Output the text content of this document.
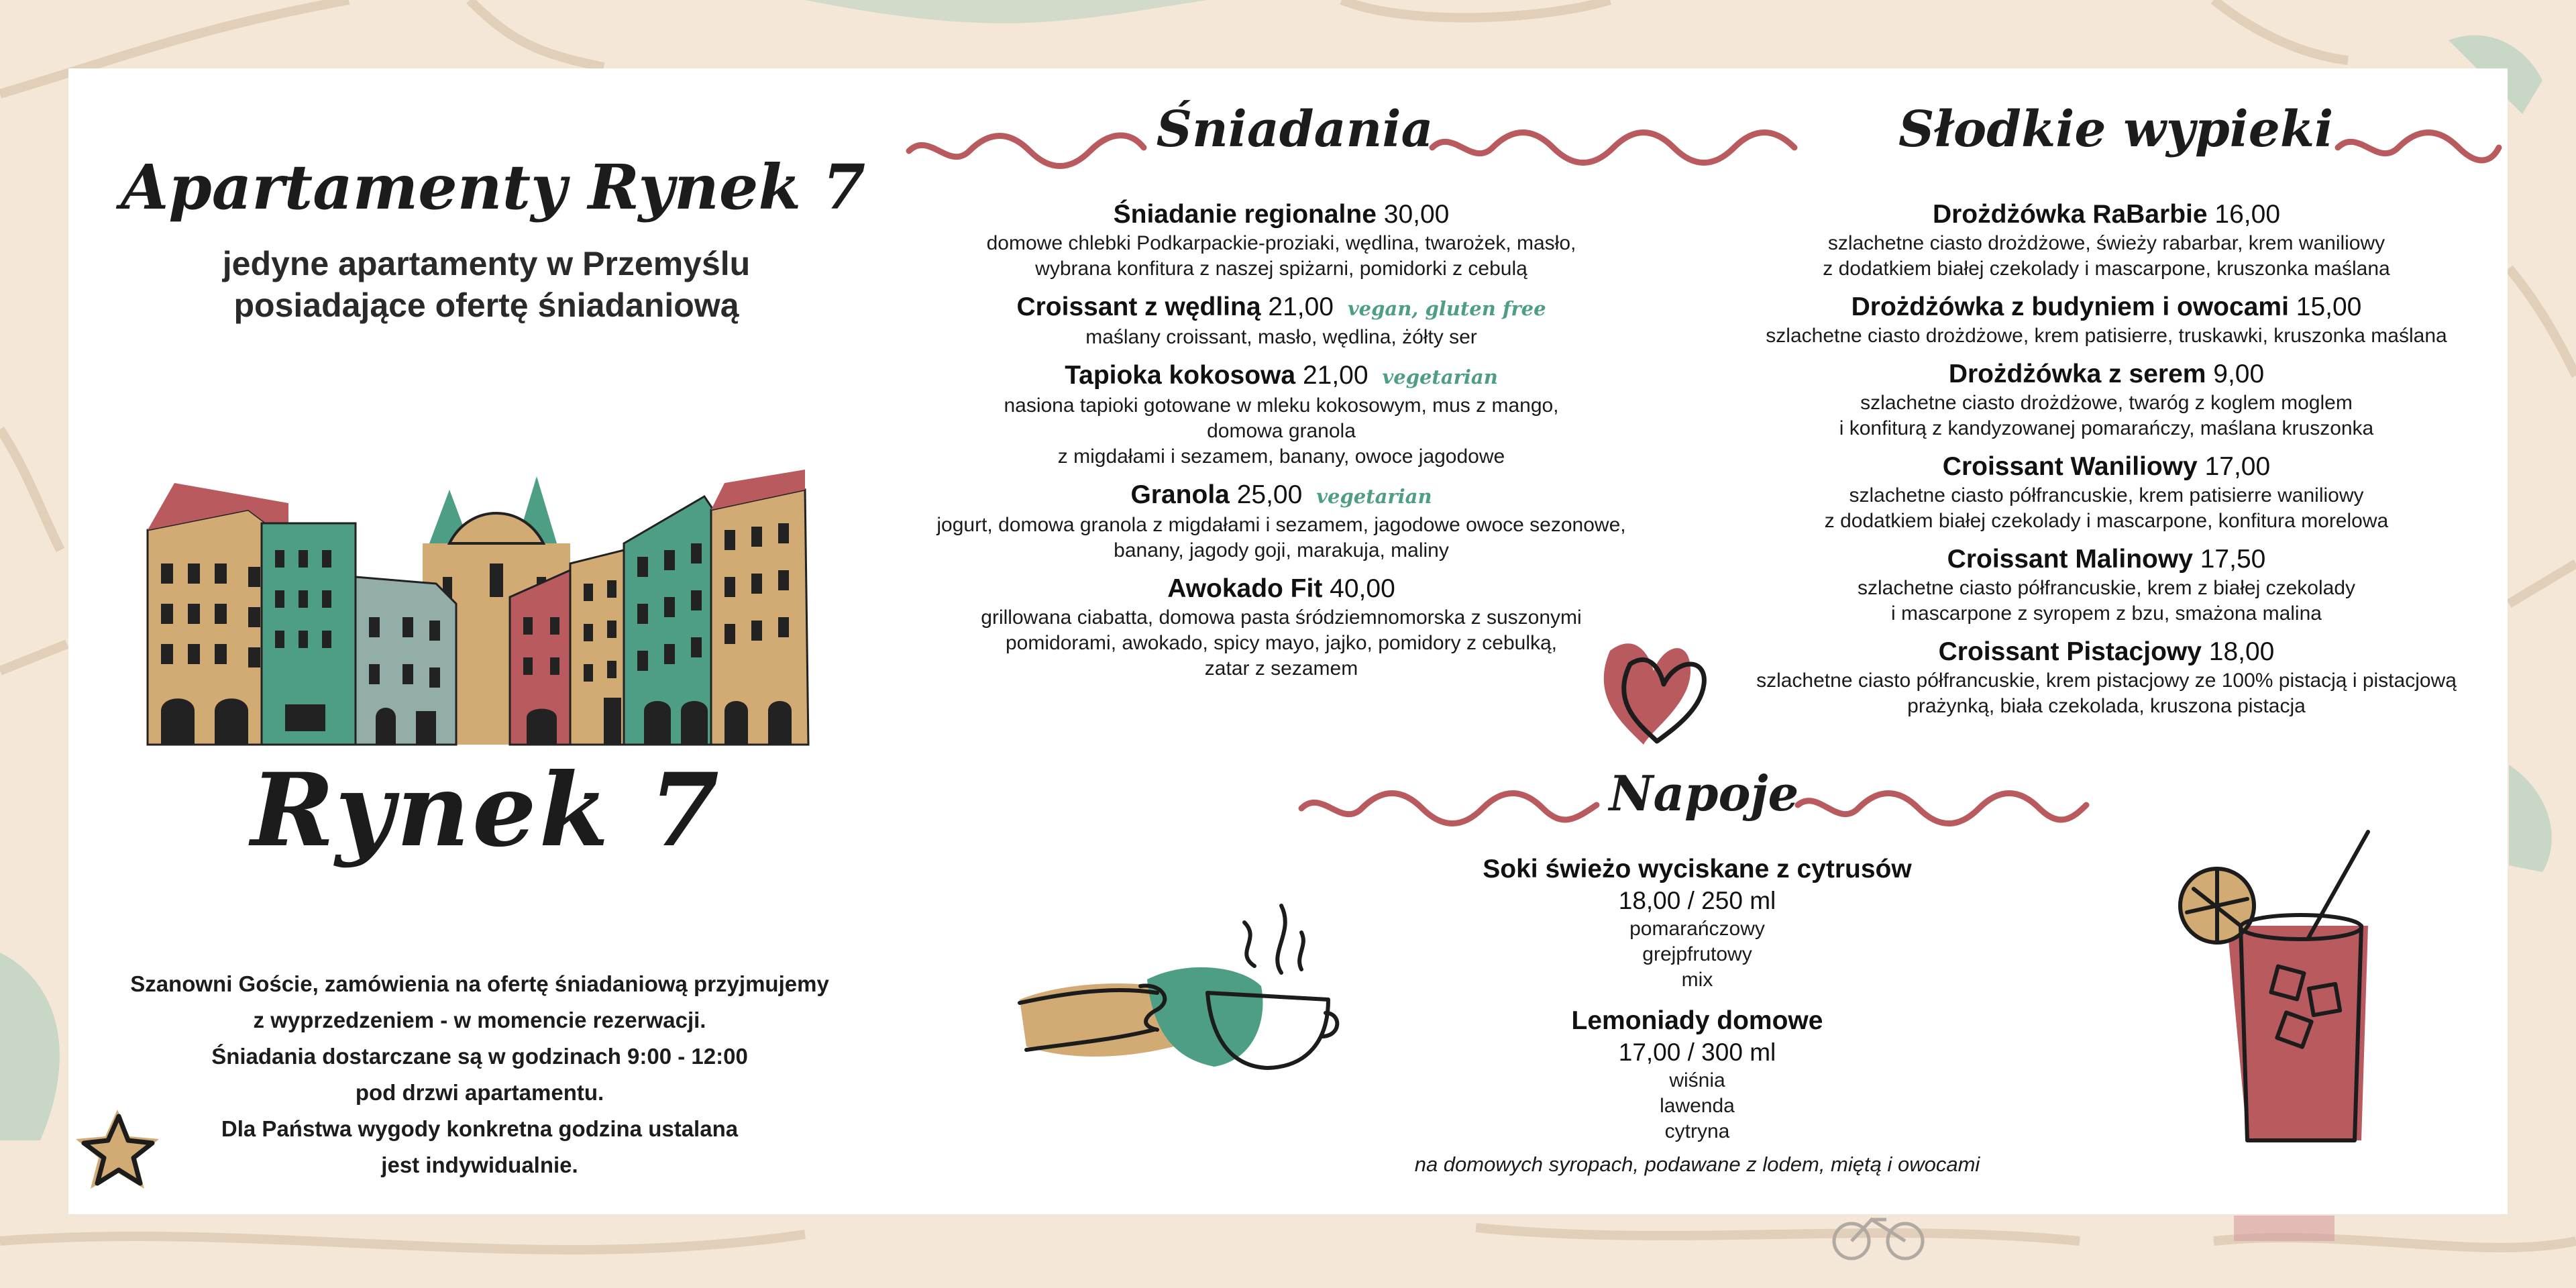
Apartamenty Rynek 7
jedyne apartamenty w Przemyślu
posiadające ofertę śniadaniową
Rynek 7
Szanowni Goście, zamówienia na ofertę śniadaniową przyjmujemy
z wyprzedzeniem - w momencie rezerwacji.
Śniadania dostarczane są w godzinach 9:00 - 12:00
pod drzwi apartamentu.
Dla Państwa wygody konkretna godzina ustalana
jest indywidualnie.
Śniadania	Słodkie wypieki
Śniadanie regionalne 30,00
domowe chlebki Podkarpackie-proziaki, wędlina, twarożek, masło,
wybrana konfitura z naszej spiżarni, pomidorki z cebulą
Croissant z wędliną 21,00 vegan, gluten free
maślany croissant, masło, wędlina, żółty ser
Tapioka kokosowa 21,00 vegetarian
nasiona tapioki gotowane w mleku kokosowym, mus z mango,
domowa granola
z migdałami i sezamem, banany, owoce jagodowe
Granola 25,00 vegetarian
jogurt, domowa granola z migdałami i sezamem, jagodowe owoce sezonowe,
banany, jagody goji, marakuja, maliny
Awokado Fit 40,00
grillowana ciabatta, domowa pasta śródziemnomorska z suszonymi
pomidorami, awokado, spicy mayo, jajko, pomidory z cebulką,
zatar z sezamem
Drożdżówka RaBarbie 16,00
szlachetne ciasto drożdżowe, świeży rabarbar, krem waniliowy
z dodatkiem białej czekolady i mascarpone, kruszonka maślana
Drożdżówka z budyniem i owocami 15,00
szlachetne ciasto drożdżowe, krem patisierre, truskawki, kruszonka maślana
Drożdżówka z serem 9,00
szlachetne ciasto drożdżowe, twaróg z koglem moglem
i konfiturą z kandyzowanej pomarańczy, maślana kruszonka
Croissant Waniliowy 17,00
szlachetne ciasto półfrancuskie, krem patisierre waniliowy
z dodatkiem białej czekolady i mascarpone, konfitura morelowa
Croissant Malinowy 17,50
szlachetne ciasto półfrancuskie, krem z białej czekolady
i mascarpone z syropem z bzu, smażona malina
Croissant Pistacjowy 18,00
szlachetne ciasto półfrancuskie, krem pistacjowy ze 100% pistacją i pistacjową
prażynką, biała czekolada, kruszona pistacja
Napoje
Soki świeżo wyciskane z cytrusów
18,00 / 250 ml
pomarańczowy
grejpfrutowy
mix
Lemoniady domowe
17,00 / 300 ml
wiśnia
lawenda
cytryna
na domowych syropach, podawane z lodem, miętą i owocami
